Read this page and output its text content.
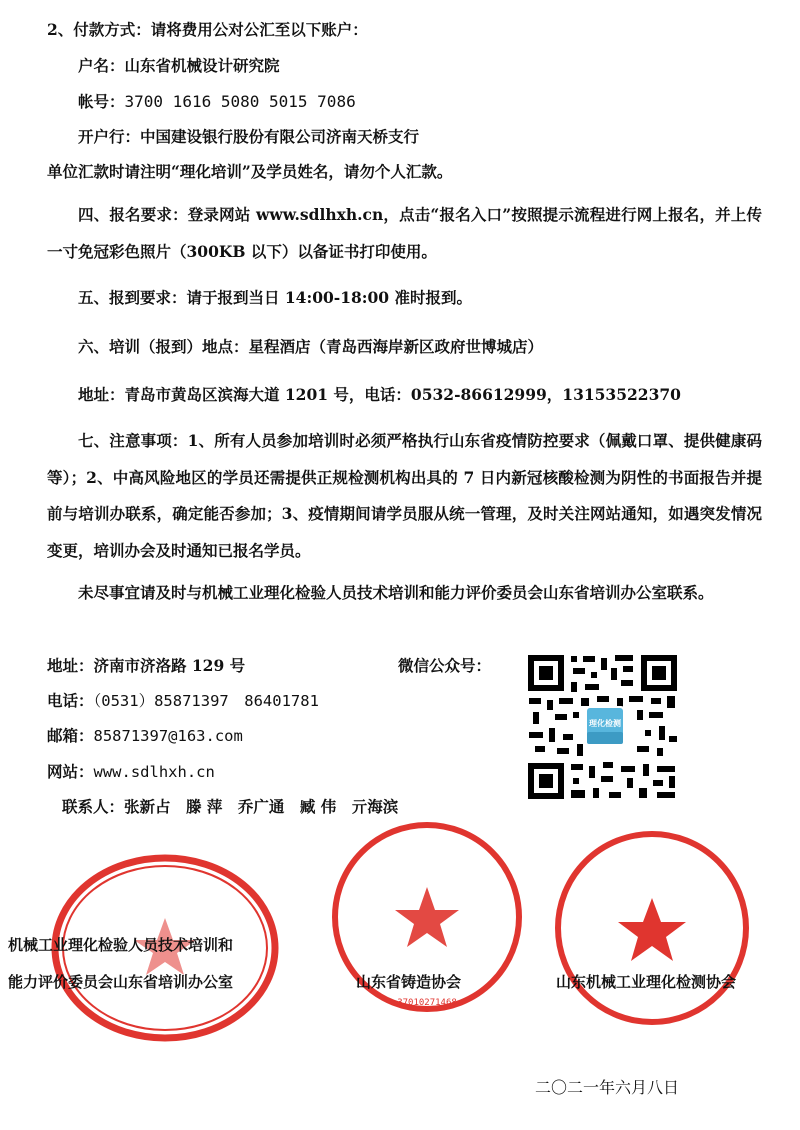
2、付款方式：请将费用公对公汇至以下账户：
户名：山东省机械设计研究院
帐号：3700 1616 5080 5015 7086
开户行：中国建设银行股份有限公司济南天桥支行
单位汇款时请注明“理化培训”及学员姓名，请勿个人汇款。
四、报名要求：登录网站 www.sdlhxh.cn，点击“报名入口”按照提示流程进行网上报名，并上传一寸免冠彩色照片（300KB 以下）以备证书打印使用。
五、报到要求：请于报到当日 14:00-18:00 准时报到。
六、培训（报到）地点：星程酒店（青岛西海岸新区政府世博城店）
地址：青岛市黄岛区滨海大道 1201 号，电话：0532-86612999，13153522370
七、注意事项：1、所有人员参加培训时必须严格执行山东省疫情防控要求（佩戴口罩、提供健康码等）；2、中高风险地区的学员还需提供正规检测机构出具的 7 日内新冠核酸检测为阴性的书面报告并提前与培训办联系，确定能否参加；3、疫情期间请学员服从统一管理，及时关注网站通知，如遇突发情况变更，培训办会及时通知已报名学员。
未尽事宜请及时与机械工业理化检验人员技术培训和能力评价委员会山东省培训办公室联系。
地址：济南市济洛路 129 号	微信公众号：
电话：（0531）85871397　86401781
邮箱：85871397@163.com
网站：www.sdlhxh.cn
联系人：张新占　滕 萍　乔广通　臧 伟　亓海滨
理化检测
37010271468
机械工业理化检验人员技术培训和
能力评价委员会山东省培训办公室	山东省铸造协会	山东机械工业理化检测协会
二〇二一年六月八日
